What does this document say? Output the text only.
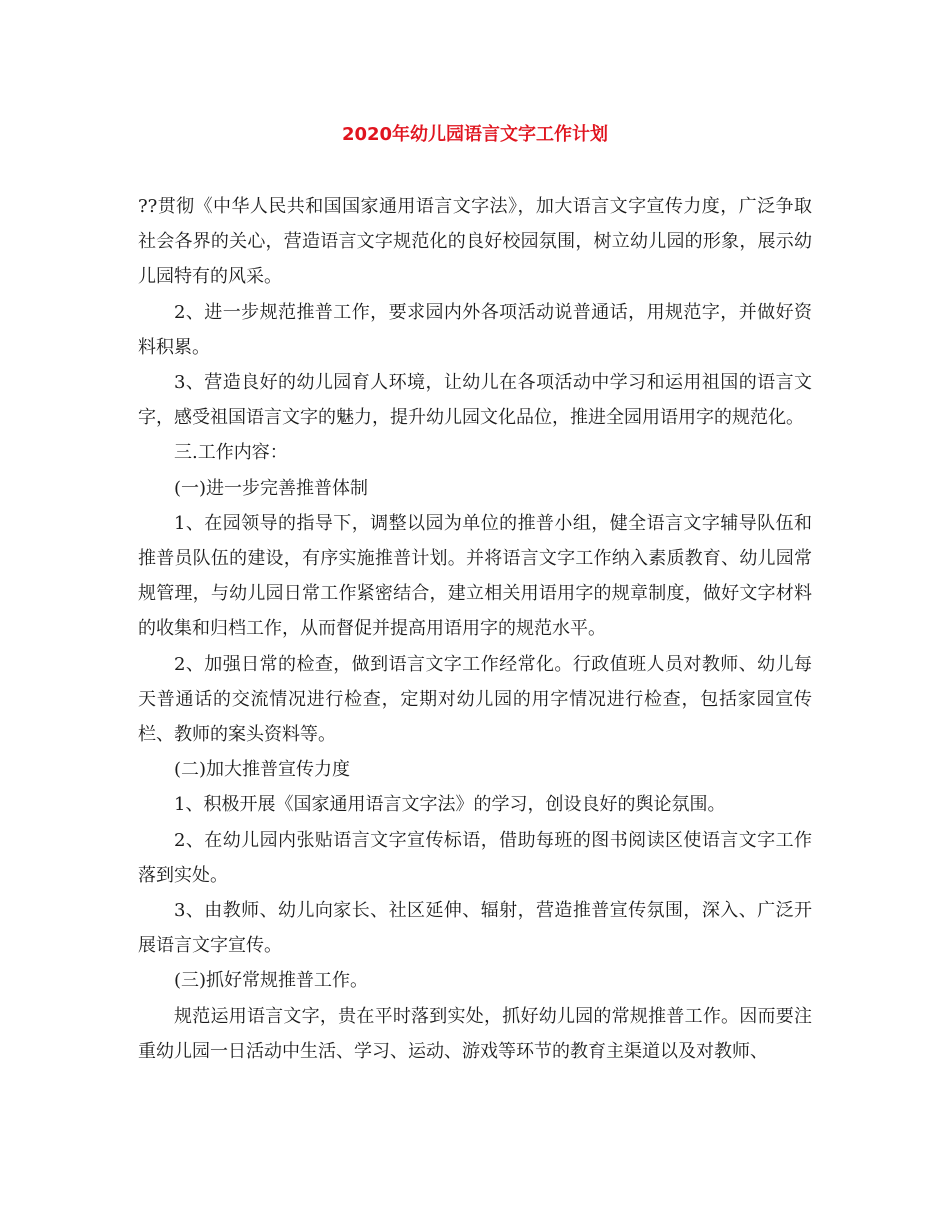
2020年幼儿园语言文字工作计划

??贯彻《中华人民共和国国家通用语言文字法》，加大语言文字宣传力度，广泛争取社会各界的关心，营造语言文字规范化的良好校园氛围，树立幼儿园的形象，展示幼儿园特有的风采。

2、进一步规范推普工作，要求园内外各项活动说普通话，用规范字，并做好资料积累。

3、营造良好的幼儿园育人环境，让幼儿在各项活动中学习和运用祖国的语言文字，感受祖国语言文字的魅力，提升幼儿园文化品位，推进全园用语用字的规范化。

三.工作内容：

(一)进一步完善推普体制

1、在园领导的指导下，调整以园为单位的推普小组，健全语言文字辅导队伍和推普员队伍的建设，有序实施推普计划。并将语言文字工作纳入素质教育、幼儿园常规管理，与幼儿园日常工作紧密结合，建立相关用语用字的规章制度，做好文字材料的收集和归档工作，从而督促并提高用语用字的规范水平。

2、加强日常的检查，做到语言文字工作经常化。行政值班人员对教师、幼儿每天普通话的交流情况进行检查，定期对幼儿园的用字情况进行检查，包括家园宣传栏、教师的案头资料等。

(二)加大推普宣传力度

1、积极开展《国家通用语言文字法》的学习，创设良好的舆论氛围。

2、在幼儿园内张贴语言文字宣传标语，借助每班的图书阅读区使语言文字工作落到实处。

3、由教师、幼儿向家长、社区延伸、辐射，营造推普宣传氛围，深入、广泛开展语言文字宣传。

(三)抓好常规推普工作。

规范运用语言文字，贵在平时落到实处，抓好幼儿园的常规推普工作。因而要注重幼儿园一日活动中生活、学习、运动、游戏等环节的教育主渠道以及对教师、
